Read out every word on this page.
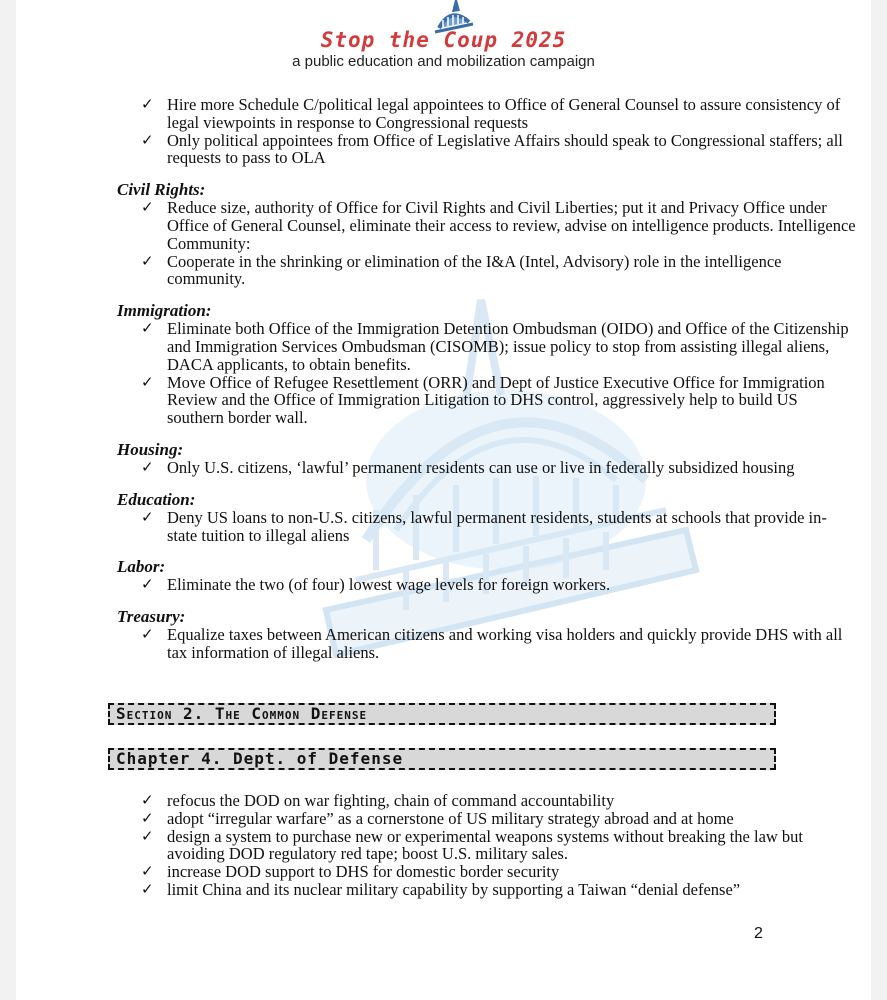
Stop the Coup 2025
a public education and mobilization campaign
✓ Hire more Schedule C/political legal appointees to Office of General Counsel to assure consistency of legal viewpoints in response to Congressional requests
✓ Only political appointees from Office of Legislative Affairs should speak to Congressional staffers; all requests to pass to OLA

Civil Rights:

✓ Reduce size, authority of Office for Civil Rights and Civil Liberties; put it and Privacy Office under Office of General Counsel, eliminate their access to review, advise on intelligence products. Intelligence Community:
✓ Cooperate in the shrinking or elimination of the I&A (Intel, Advisory) role in the intelligence community.

Immigration:

✓ Eliminate both Office of the Immigration Detention Ombudsman (OIDO) and Office of the Citizenship and Immigration Services Ombudsman (CISOMB); issue policy to stop from assisting illegal aliens, DACA applicants, to obtain benefits.
✓ Move Office of Refugee Resettlement (ORR) and Dept of Justice Executive Office for Immigration Review and the Office of Immigration Litigation to DHS control, aggressively help to build US southern border wall.

Housing:

✓ Only U.S. citizens, ‘lawful’ permanent residents can use or live in federally subsidized housing

Education:

✓ Deny US loans to non-U.S. citizens, lawful permanent residents, students at schools that provide in-state tuition to illegal aliens

Labor:

✓ Eliminate the two (of four) lowest wage levels for foreign workers.

Treasury:

✓ Equalize taxes between American citizens and working visa holders and quickly provide DHS with all tax information of illegal aliens.
Section 2. The Common Defense
Chapter 4. Dept. of Defense
✓ refocus the DOD on war fighting, chain of command accountability
✓ adopt “irregular warfare” as a cornerstone of US military strategy abroad and at home
✓ design a system to purchase new or experimental weapons systems without breaking the law but avoiding DOD regulatory red tape; boost U.S. military sales.
✓ increase DOD support to DHS for domestic border security
✓ limit China and its nuclear military capability by supporting a Taiwan “denial defense”
2
